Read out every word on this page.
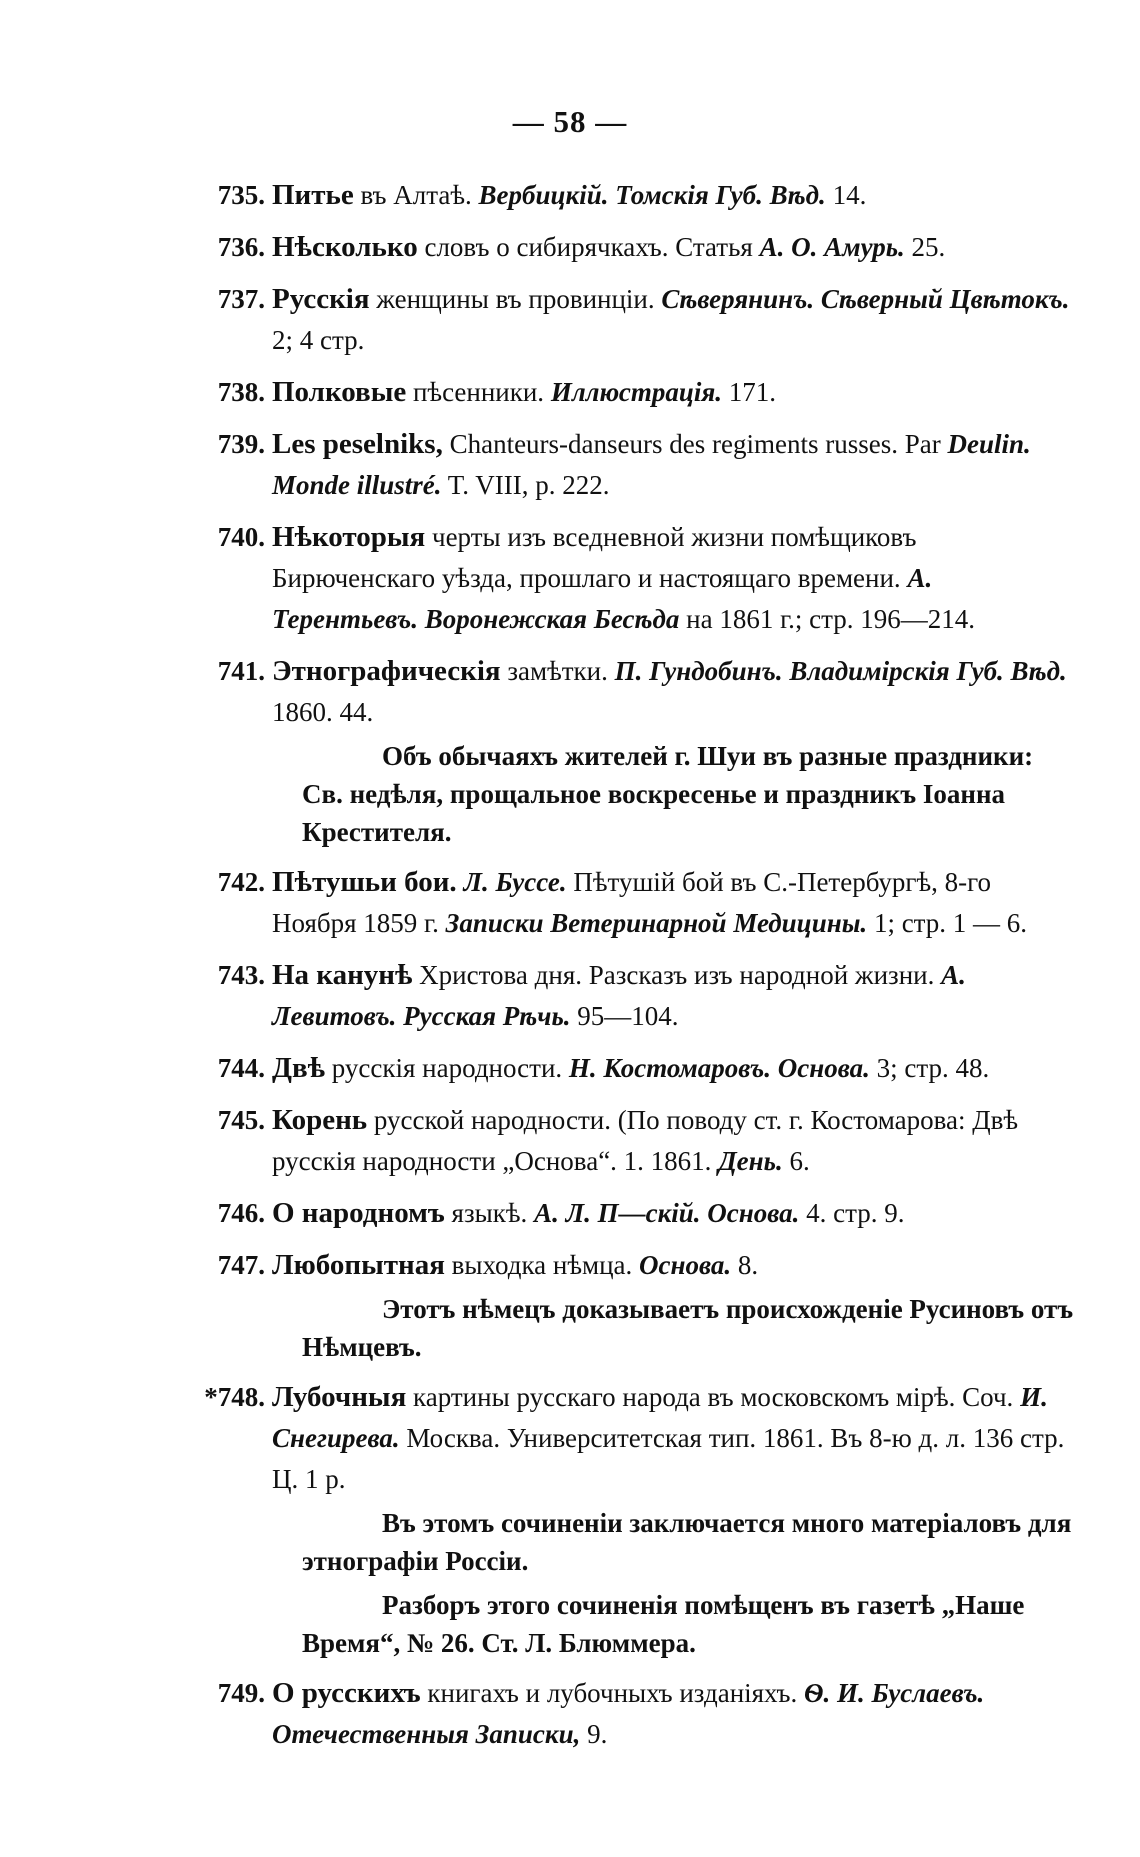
— 58 —
735. Питье въ Алтаѣ. Вербицкій. Томскія Губ. Вѣд. 14.
736. Нѣсколько словъ о сибирячкахъ. Статья А. О. Амурь. 25.
737. Русскія женщины въ провинціи. Сѣверянинъ. Сѣверный Цвѣтокъ. 2; 4 стр.
738. Полковые пѣсенники. Иллюстрація. 171.
739. Les peselniks, Chanteurs-danseurs des regiments russes. Par Deulin. Monde illustré. T. VIII, p. 222.
740. Нѣкоторыя черты изъ вседневной жизни помѣщиковъ Бирюченскаго уѣзда, прошлаго и настоящаго времени. А. Терентьевъ. Воронежская Бесѣда на 1861 г.; стр. 196—214.
741. Этнографическія замѣтки. П. Гундобинъ. Владимірскія Губ. Вѣд. 1860. 44.
Объ обычаяхъ жителей г. Шуи въ разные праздники: Св. недѣля, прощальное воскресенье и праздникъ Іоанна Крестителя.
742. Пѣтушьи бои. Л. Буссе. Пѣтушій бой въ С.-Петербургѣ, 8-го Ноября 1859 г. Записки Ветеринарной Медицины. 1; стр. 1 — 6.
743. На канунѣ Христова дня. Разсказъ изъ народной жизни. А. Левитовъ. Русская Рѣчь. 95—104.
744. Двѣ русскія народности. Н. Костомаровъ. Основа. 3; стр. 48.
745. Корень русской народности. (По поводу ст. г. Костомарова: Двѣ русскія народности „Основа“. 1. 1861. День. 6.
746. О народномъ языкѣ. А. Л. П—скій. Основа. 4. стр. 9.
747. Любопытная выходка нѣмца. Основа. 8.
Этотъ нѣмецъ доказываетъ происхожденіе Русиновъ отъ Нѣмцевъ.
*748. Лубочныя картины русскаго народа въ московскомъ мірѣ. Соч. И. Снегирева. Москва. Университетская тип. 1861. Въ 8-ю д. л. 136 стр. Ц. 1 р.
Въ этомъ сочиненіи заключается много матеріаловъ для этнографіи Россіи.
Разборъ этого сочиненія помѣщенъ въ газетѣ „Наше Время“, № 26. Ст. Л. Блюммера.
749. О русскихъ книгахъ и лубочныхъ изданіяхъ. Ѳ. И. Буслаевъ. Отечественныя Записки, 9.
